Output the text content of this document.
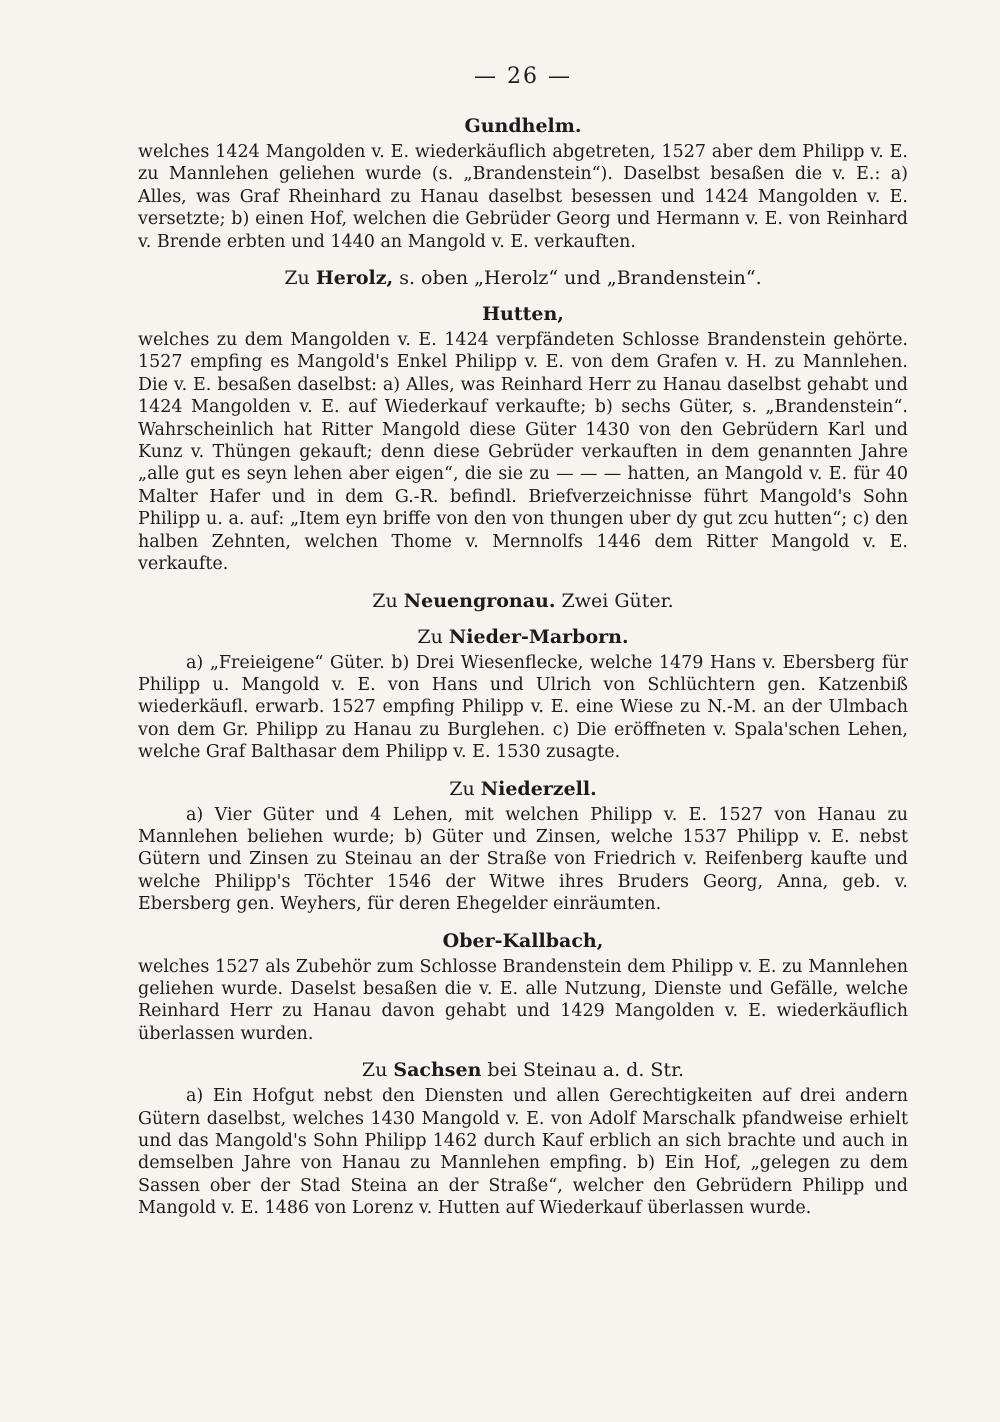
— 26 —
Gundhelm.

welches 1424 Mangolden v. E. wiederkäuflich abgetreten, 1527 aber dem Philipp v. E. zu Mannlehen geliehen wurde (s. „Brandenstein“). Daselbst besaßen die v. E.: a) Alles, was Graf Rheinhard zu Hanau daselbst besessen und 1424 Mangolden v. E. versetzte; b) einen Hof, welchen die Gebrüder Georg und Hermann v. E. von Reinhard v. Brende erbten und 1440 an Mangold v. E. verkauften.

Zu Herolz, s. oben „Herolz“ und „Brandenstein“.
Hutten,

welches zu dem Mangolden v. E. 1424 verpfändeten Schlosse Brandenstein gehörte. 1527 empfing es Mangold's Enkel Philipp v. E. von dem Grafen v. H. zu Mannlehen. Die v. E. besaßen daselbst: a) Alles, was Reinhard Herr zu Hanau daselbst gehabt und 1424 Mangolden v. E. auf Wiederkauf verkaufte; b) sechs Güter, s. „Brandenstein“. Wahrscheinlich hat Ritter Mangold diese Güter 1430 von den Gebrüdern Karl und Kunz v. Thüngen gekauft; denn diese Gebrüder verkauften in dem genannten Jahre „alle gut es seyn lehen aber eigen“, die sie zu — — — hatten, an Mangold v. E. für 40 Malter Hafer und in dem G.-R. befindl. Briefverzeichnisse führt Mangold's Sohn Philipp u. a. auf: „Item eyn briffe von den von thungen uber dy gut zcu hutten“; c) den halben Zehnten, welchen Thome v. Mernnolfs 1446 dem Ritter Mangold v. E. verkaufte.

Zu Neuengronau. Zwei Güter.
Zu Nieder-Marborn.

a) „Freieigene“ Güter. b) Drei Wiesenflecke, welche 1479 Hans v. Ebersberg für Philipp u. Mangold v. E. von Hans und Ulrich von Schlüchtern gen. Katzenbiß wiederkäufl. erwarb. 1527 empfing Philipp v. E. eine Wiese zu N.-M. an der Ulmbach von dem Gr. Philipp zu Hanau zu Burglehen. c) Die eröffneten v. Spala'schen Lehen, welche Graf Balthasar dem Philipp v. E. 1530 zusagte.

Zu Niederzell.

a) Vier Güter und 4 Lehen, mit welchen Philipp v. E. 1527 von Hanau zu Mannlehen beliehen wurde; b) Güter und Zinsen, welche 1537 Philipp v. E. nebst Gütern und Zinsen zu Steinau an der Straße von Friedrich v. Reifenberg kaufte und welche Philipp's Töchter 1546 der Witwe ihres Bruders Georg, Anna, geb. v. Ebersberg gen. Weyhers, für deren Ehegelder einräumten.

Ober-Kallbach,

welches 1527 als Zubehör zum Schlosse Brandenstein dem Philipp v. E. zu Mannlehen geliehen wurde. Daselst besaßen die v. E. alle Nutzung, Dienste und Gefälle, welche Reinhard Herr zu Hanau davon gehabt und 1429 Mangolden v. E. wiederkäuflich überlassen wurden.

Zu Sachsen bei Steinau a. d. Str.

a) Ein Hofgut nebst den Diensten und allen Gerechtigkeiten auf drei andern Gütern daselbst, welches 1430 Mangold v. E. von Adolf Marschalk pfandweise erhielt und das Mangold's Sohn Philipp 1462 durch Kauf erblich an sich brachte und auch in demselben Jahre von Hanau zu Mannlehen empfing. b) Ein Hof, „gelegen zu dem Sassen ober der Stad Steina an der Straße“, welcher den Gebrüdern Philipp und Mangold v. E. 1486 von Lorenz v. Hutten auf Wiederkauf überlassen wurde.
